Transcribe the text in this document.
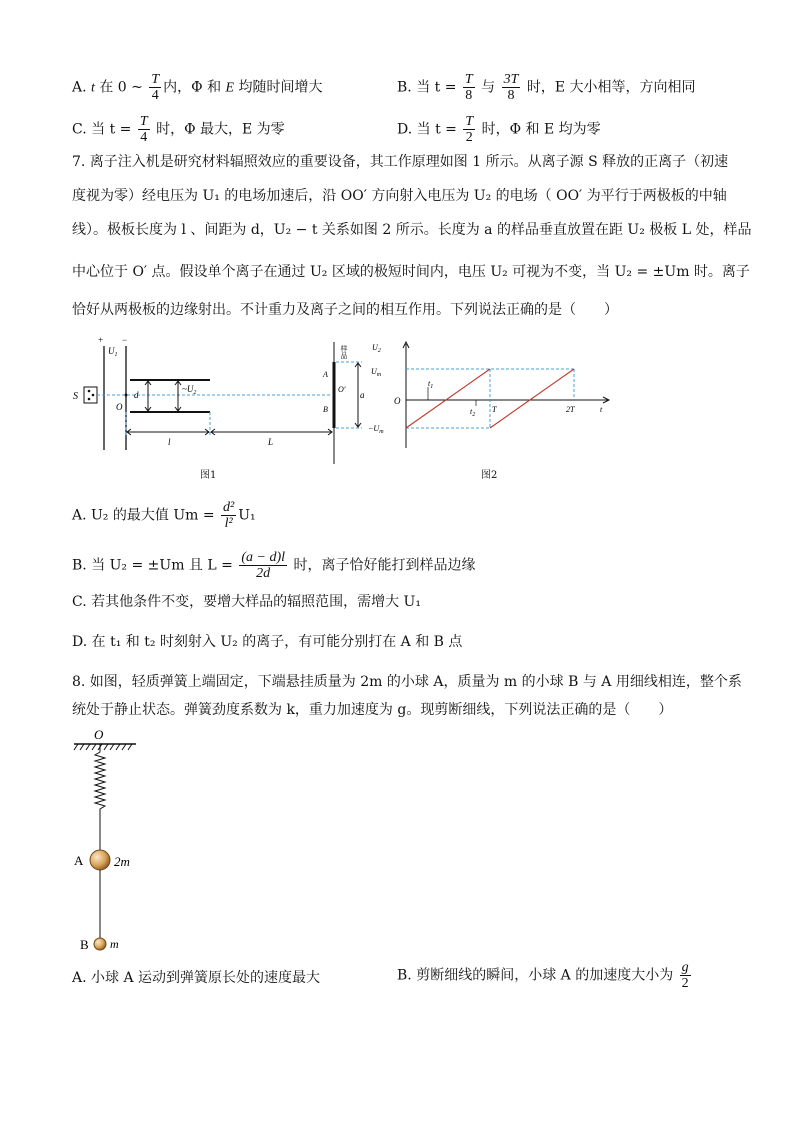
A. t 在 0 ~ $\frac{T}{4}$ 内，Φ 和 E 均随时间增大	B. 当 $t = \frac{T}{8}$ 与 $\frac{3T}{8}$ 时，E 大小相等，方向相同
C. 当 $t = \frac{T}{4}$ 时，Φ 最大，E 为零	D. 当 $t = \frac{T}{2}$ 时，Φ 和 E 均为零
7. 离子注入机是研究材料辐照效应的重要设备，其工作原理如图 1 所示。从离子源 S 释放的正离子（初速
度视为零）经电压为 U₁ 的电场加速后，沿 OO′ 方向射入电压为 U₂ 的电场（ OO′ 为平行于两极板的中轴
线）。极板长度为 l 、间距为 d，U₂ − t 关系如图 2 所示。长度为 a 的样品垂直放置在距 U₂ 极板 L 处，样品
中心位于 O′ 点。假设单个离子在通过 U₂ 区域的极短时间内，电压 U₂ 可视为不变，当 U₂ = ±Um 时。离子
恰好从两极板的边缘射出。不计重力及离子之间的相互作用。下列说法正确的是（　　）
+ −
$U_1$
S
O
d
$\sim U_2$
l	L
样品
A
B
O′
a
图1
$U_2$
$U_m$
$-U_m$
O
$t_1$
$t_2$
T	2T	t
图2
A. U₂ 的最大值 $Um = \frac{\text{d²}}{\text{l²}} U_1$
B. 当 U₂ = ±Um 且 $L = \frac{(a - d)l}{2d}$ 时，离子恰好能打到样品边缘
C. 若其他条件不变，要增大样品的辐照范围，需增大 U₁
D. 在 t₁ 和 t₂ 时刻射入 U₂ 的离子，有可能分别打在 A 和 B 点
8. 如图，轻质弹簧上端固定，下端悬挂质量为 2m 的小球 A，质量为 m 的小球 B 与 A 用细线相连，整个系
统处于静止状态。弹簧劲度系数为 k，重力加速度为 g。现剪断细线，下列说法正确的是（　　）
O
A 2m
B m
A. 小球 A 运动到弹簧原长处的速度最大	B. 剪断细线的瞬间，小球 A 的加速度大小为 $\frac{g}{2}$
